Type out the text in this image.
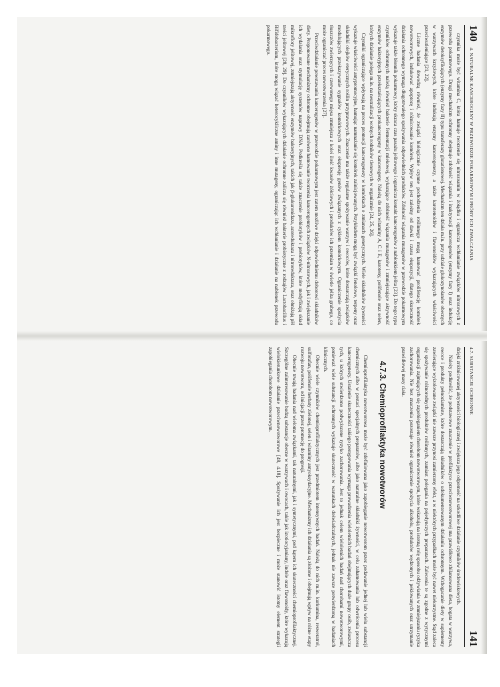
140
4. NATURALNE KANCEROGENY W PRZEWODZIE POKARMOWYM I PRÓBY ICH ZWALCZANIA

czynnika może być witamina C, która hamuje tworzenie się nitrozoamin w żołądku i ogranicza wchłanianie związków nitrozowych z przewodu pokarmowego. Drugi mechanizm ochronny obejmuje zdolność wiązania i inaktywacji kancerogenów (enzymy fazy I) oraz indukcję enzymów detoksyfikujących (enzymy fazy II) typu transferazy glutationowej. Mechanizm ten działa m.in. przy udziale glukozynolanów obecnych w warzywach krzyżowych, które indukują enzymy kancerogenezy, a także karotenoidów i flawonoidów wykazujących właściwości przeciwutleniające [21, 22].

Liczne badania dowodzą również, że związki biologicznie czynne pochodzenia roślinnego mogą hamować proliferację komórek nowotworowych, indukować apoptozę i różnicowanie komórek. Wpływ ten jest zależny od dawki i czasu ekspozycji, dlatego skuteczność działania ochronnego wymaga długotrwałego spożywania odpowiednich produktów. Zdolność wiązania mutagenów w przewodzie pokarmowym wykazuje także błonnik pokarmowy, który skraca czas pasażu jelitowego i ogranicza kontakt kancerogenów z nabłonkiem jelita [23]. Do tego typu czynników ochronnych należą również bakterie fermentacji mlekowej, wykazujące zdolność wiązania mutagenów i zmniejszające aktywność enzymów bakteryjnych przekształcających prokancerogeny w kancerogeny. Należą do nich witaminy A, C i E, karoteny, polifenole oraz selen, których działanie polega m.in. na neutralizacji wolnych rodników tlenowych w organizmie [24, 25, 26].

Czynniki ograniczające wpływają na proces promocji kancerogenezy w komórkach o zmianach genetycznych. Wiele składników żywności wykazuje właściwości antypromocyjne, hamując namnażanie się komórek zainicjowanych. Przykładem mogą być związki fenolowe, terpeny oraz składniki olejków eterycznych roślin przyprawowych. Znaczenie ma także regularne spożywanie warzyw i owoców, które dostarczają związków modulujących przekazywanie sygnałów komórkowych oraz ekspresję genów związanych z cyklem komórkowym. Ograniczenie spożycia tłuszczów zwierzęcych i czerwonego mięsa zmniejsza z kolei ilość kwasów żółciowych i produktów ich przemian w świetle jelita grubego, co może ograniczać proces nowotworzenia [27].

Przeciwdziałanie powstawaniu kancerogenów w przewodzie pokarmowym jest zatem możliwe dzięki odpowiedniemu doborowi składników diety. Proponowane mechanizmy ochronne obejmują zarówno hamowanie tworzenia kancerogennych związków N-nitrozowych, jak i zwiększanie ich wydalania oraz stymulację systemów naprawy DNA. Podkreśla się także znaczenie probiotyków i prebiotyków, które modyfikują skład mikroflory jelitowej, zmniejszają aktywność enzymów bakteryjnych, takich jak β-glukuronidaza, azoreduktaza i nitroreduktaza, oraz obniżają pH treści jelitowej [28, 29]. Do czynników wykazujących działanie ochronne zalicza się również bakterie probiotyczne z rodzajów Lactobacillus i Bifidobacterium, które mogą wiązać heterocykliczne aminy i inne mutageny, ograniczając ich wchłanianie i działanie na nabłonek przewodu pokarmowego.

4.7. SUBSTANCJE OCHRONNE
141

dzięki zróżnicowanej aktywności biologicznej i zwiększa jego odporność na szkodliwe działanie czynników środowiskowych.

Należy podkreślić, że podstawowe znaczenie w profilaktyce przeciwnowotworowej ma prawidłowo zbilansowana dieta, bogata w warzywa, owoce i produkty pełnoziarniste, które dostarczają składników o udokumentowanym działaniu ochronnym. Wzbogacanie diety w suplementy zawierające wyizolowane związki nie zawsze przynosi zamierzony efekt, a w niektórych przypadkach może być nawet niekorzystne. Stąd zaleca się spożywanie różnorodnych produktów roślinnych, zamiast polegania na pojedynczych preparatach. Zalecenia te są zgodne z wytycznymi organizacji zajmujących się zapobieganiem chorobom nowotworowym, które wskazują na istotną rolę sposobu odżywiania w zmniejszaniu ryzyka zachorowania. Nie bez znaczenia pozostaje również ograniczenie spożycia alkoholu, produktów wędzonych i peklowanych oraz utrzymanie prawidłowej masy ciała.

4.7.3. Chemioprofilaktyka nowotworów

Chemioprofilaktyka nowotworowa może być zdefiniowana jako zapobieganie nowotworom przez podawanie jednej lub wielu substancji chemicznych albo w postaci specjalnych preparatów, albo jako naturalne składniki żywności, w celu zahamowania lub odwrócenia procesu kancerogenezy. Ustalenie skuteczności takiego postępowania wymaga prowadzenia wieloletnich badań obejmujących duże grupy osób, zwłaszcza tych, u których stwierdzono podwyższone ryzyko zachorowania. Jest to jednak celem wieloletnich badań nad chorobami nowotworowymi, ponieważ wiele substancji ochronnych wykazuje skuteczność w warunkach doświadczalnych, jednak nie zawsze potwierdzoną w badaniach klinicznych.

Obecnie wiele czynników chemioprofilaktycznych jest przedmiotem intensywnych badań. Należą do nich m.in. kurkumina, resweratrol, sulforafan, polifenole herbaty zielonej, selen i witaminy antyoksydacyjne. Mechanizmy ich działania są złożone i obejmują wpływ na różne etapy rozwoju nowotworu, od inicjacji przez promocję do progresji.

Obecnie trwają badania nad wieloma związkami, tak naturalnymi, jak i syntetycznymi, pod kątem ich skuteczności chemioprofilaktycznej. Szczególne zainteresowanie budzą substancje obecne w warzywach i owocach, takie jak izotiocyjaniany, indole oraz flawonoidy, które wykazują wielokierunkowe działanie przeciwnowotworowe [48, 4.18]. Spożywanie ich jest bezpieczne i może stanowić istotny element strategii zapobiegania chorobom nowotworowym.
